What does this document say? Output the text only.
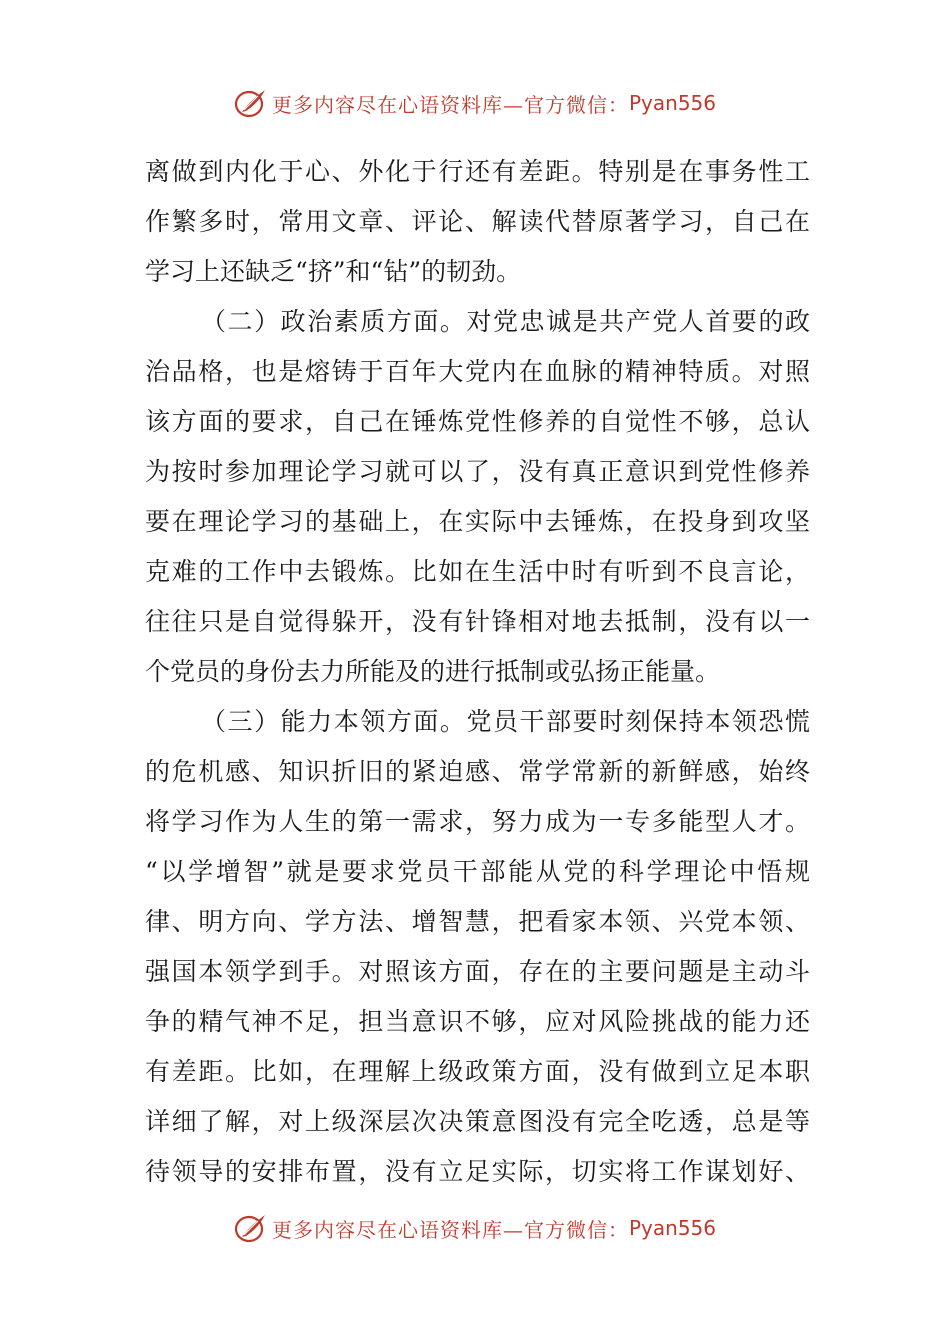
更多内容尽在心语资料库—官方微信： Pyan556
离做到内化于心、外化于行还有差距。特别是在事务性工
作繁多时，常用文章、评论、解读代替原著学习，自己在
学习上还缺乏“挤”和“钻”的韧劲。
（二）政治素质方面。对党忠诚是共产党人首要的政
治品格，也是熔铸于百年大党内在血脉的精神特质。对照
该方面的要求，自己在锤炼党性修养的自觉性不够，总认
为按时参加理论学习就可以了，没有真正意识到党性修养
要在理论学习的基础上，在实际中去锤炼，在投身到攻坚
克难的工作中去锻炼。比如在生活中时有听到不良言论，
往往只是自觉得躲开，没有针锋相对地去抵制，没有以一
个党员的身份去力所能及的进行抵制或弘扬正能量。
（三）能力本领方面。党员干部要时刻保持本领恐慌
的危机感、知识折旧的紧迫感、常学常新的新鲜感，始终
将学习作为人生的第一需求，努力成为一专多能型人才。
“以学增智”就是要求党员干部能从党的科学理论中悟规
律、明方向、学方法、增智慧，把看家本领、兴党本领、
强国本领学到手。对照该方面，存在的主要问题是主动斗
争的精气神不足，担当意识不够，应对风险挑战的能力还
有差距。比如，在理解上级政策方面，没有做到立足本职
详细了解，对上级深层次决策意图没有完全吃透，总是等
待领导的安排布置，没有立足实际，切实将工作谋划好、
更多内容尽在心语资料库—官方微信： Pyan556
